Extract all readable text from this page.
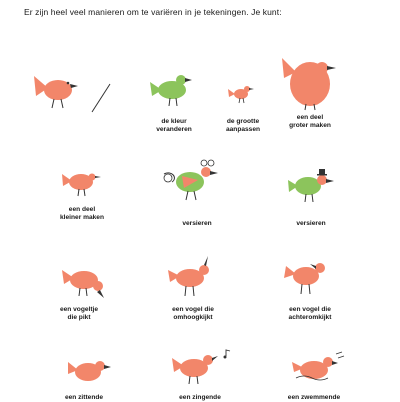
Er zijn heel veel manieren om te variëren in je tekeningen. Je kunt:
de kleur
veranderen
de grootte
aanpassen
een deel
groter maken
een deel
kleiner maken
versieren	versieren
een vogeltje
die pikt
een vogel die
omhoogkijkt
een vogel die
achteromkijkt
een zittende	een zingende	een zwemmende
